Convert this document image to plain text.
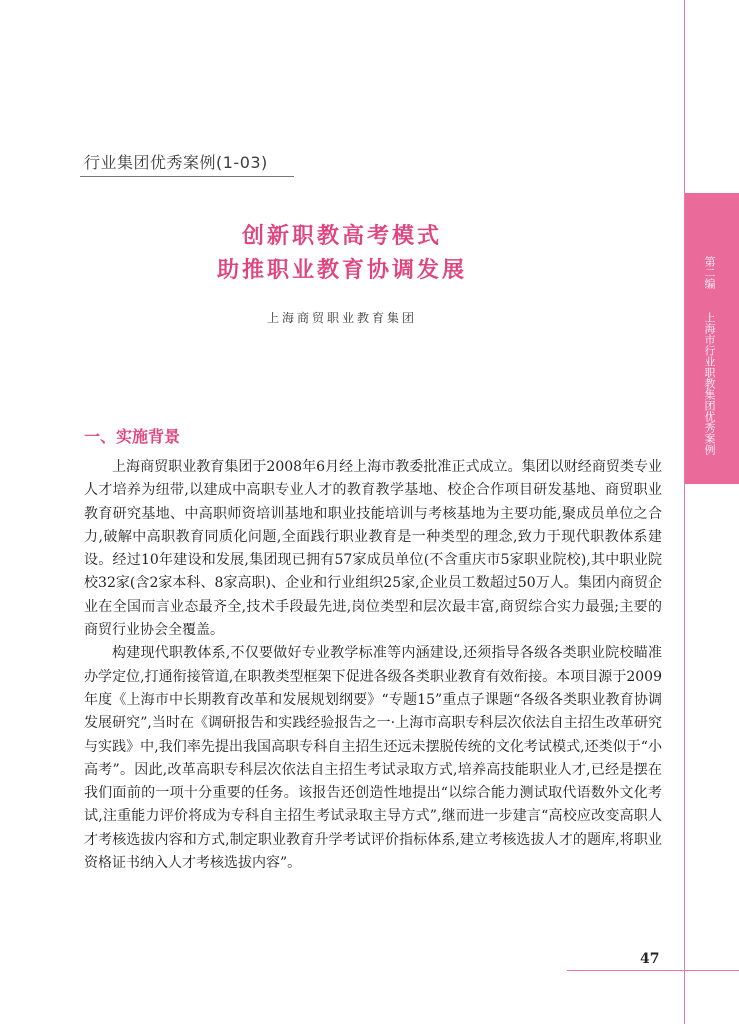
第二编 上海市行业职教集团优秀案例
行业集团优秀案例(1-03)
创新职教高考模式
助推职业教育协调发展
上海商贸职业教育集团
一、实施背景

上海商贸职业教育集团于2008年6月经上海市教委批准正式成立。集团以财经商贸类专业人才培养为纽带,以建成中高职专业人才的教育教学基地、校企合作项目研发基地、商贸职业教育研究基地、中高职师资培训基地和职业技能培训与考核基地为主要功能,聚成员单位之合力,破解中高职教育同质化问题,全面践行职业教育是一种类型的理念,致力于现代职教体系建设。经过10年建设和发展,集团现已拥有57家成员单位(不含重庆市5家职业院校),其中职业院校32家(含2家本科、8家高职)、企业和行业组织25家,企业员工数超过50万人。集团内商贸企业在全国而言业态最齐全,技术手段最先进,岗位类型和层次最丰富,商贸综合实力最强;主要的商贸行业协会全覆盖。

构建现代职教体系,不仅要做好专业教学标准等内涵建设,还须指导各级各类职业院校瞄准办学定位,打通衔接管道,在职教类型框架下促进各级各类职业教育有效衔接。本项目源于2009年度《上海市中长期教育改革和发展规划纲要》“专题15”重点子课题“各级各类职业教育协调发展研究”,当时在《调研报告和实践经验报告之一·上海市高职专科层次依法自主招生改革研究与实践》中,我们率先提出我国高职专科自主招生还远未摆脱传统的文化考试模式,还类似于“小高考”。因此,改革高职专科层次依法自主招生考试录取方式,培养高技能职业人才,已经是摆在我们面前的一项十分重要的任务。该报告还创造性地提出“以综合能力测试取代语数外文化考试,注重能力评价将成为专科自主招生考试录取主导方式”,继而进一步建言“高校应改变高职人才考核选拔内容和方式,制定职业教育升学考试评价指标体系,建立考核选拔人才的题库,将职业资格证书纳入人才考核选拔内容”。

47
